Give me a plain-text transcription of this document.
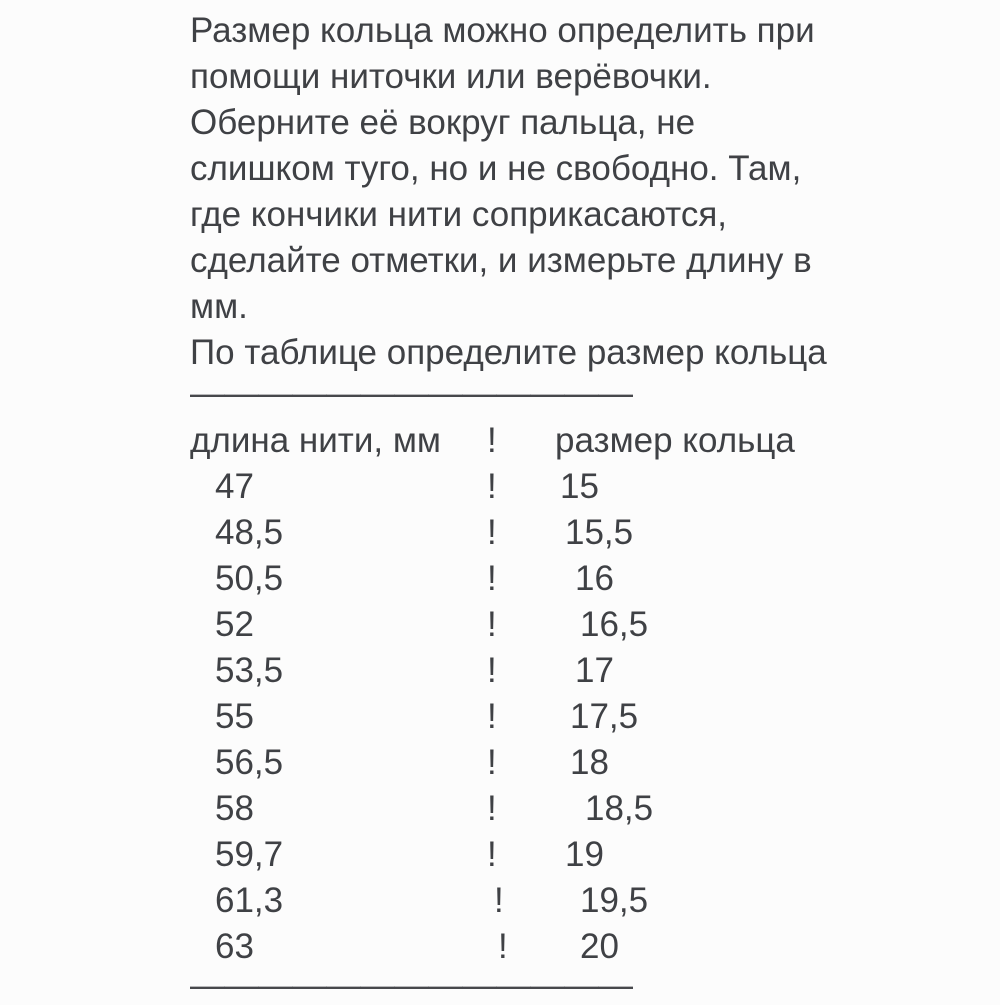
Размер кольца можно определить при
помощи ниточки или верёвочки.
Оберните её вокруг пальца, не
слишком туго, но и не свободно. Там,
где кончики нити соприкасаются,
сделайте отметки, и измерьте длину в
мм.
По таблице определите размер кольца
—————————————
длина нити, мм	!	размер кольца
47	!	15
48,5	!	15,5
50,5	!	16
52	!	16,5
53,5	!	17
55	!	17,5
56,5	!	18
58	!	18,5
59,7	!	19
61,3	!	19,5
63	!	20
—————————————
